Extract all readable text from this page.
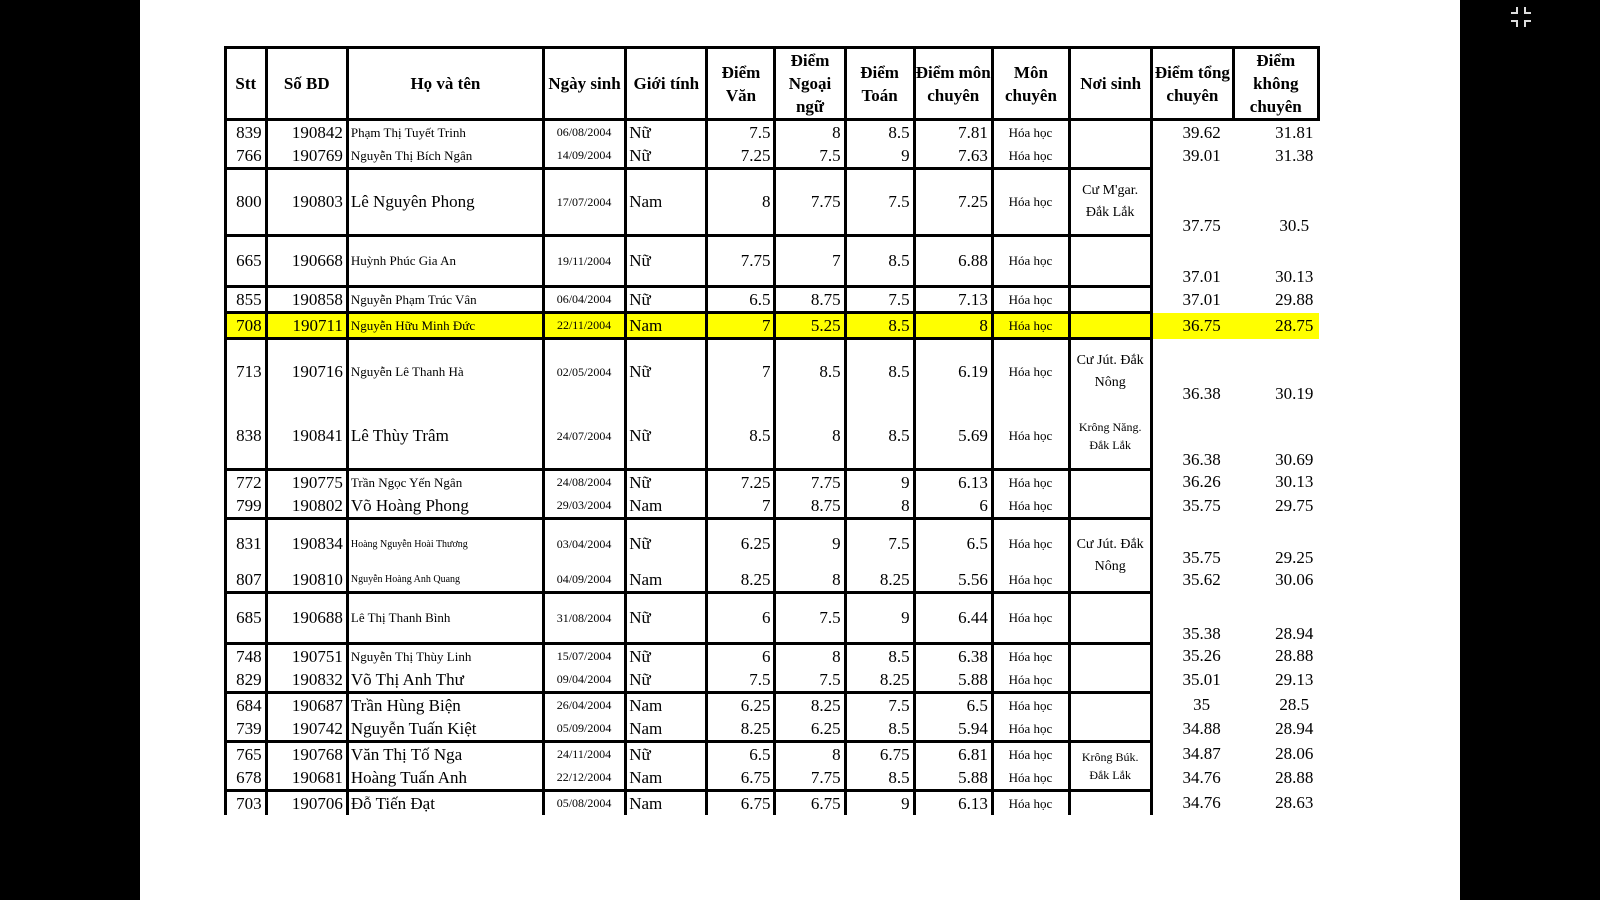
Stt	Số BD	Họ và tên	Ngày sinh	Giới tính	Điểm Văn	Điểm Ngoại ngữ	Điểm Toán	Điểm môn chuyên	Môn chuyên	Nơi sinh	Điểm tổng chuyên	Điểm không chuyên
839	190842	Phạm Thị Tuyết Trinh	06/08/2004	Nữ	7.5	8	8.5	7.81	Hóa học		39.62	31.81
766	190769	Nguyễn Thị Bích Ngân	14/09/2004	Nữ	7.25	7.5	9	7.63	Hóa học		39.01	31.38
800	190803	Lê Nguyên Phong	17/07/2004	Nam	8	7.75	7.5	7.25	Hóa học	Cư M'gar. Đắk Lắk	37.75	30.5
665	190668	Huỳnh Phúc Gia An	19/11/2004	Nữ	7.75	7	8.5	6.88	Hóa học		37.01	30.13
855	190858	Nguyễn Phạm Trúc Vân	06/04/2004	Nữ	6.5	8.75	7.5	7.13	Hóa học		37.01	29.88
708	190711	Nguyễn Hữu Minh Đức	22/11/2004	Nam	7	5.25	8.5	8	Hóa học		36.75	28.75
713	190716	Nguyễn Lê Thanh Hà	02/05/2004	Nữ	7	8.5	8.5	6.19	Hóa học	Cư Jút. Đắk Nông	36.38	30.19
838	190841	Lê Thùy Trâm	24/07/2004	Nữ	8.5	8	8.5	5.69	Hóa học	Krông Năng. Đắk Lắk	36.38	30.69
772	190775	Trần Ngọc Yến Ngân	24/08/2004	Nữ	7.25	7.75	9	6.13	Hóa học		36.26	30.13
799	190802	Võ Hoàng Phong	29/03/2004	Nam	7	8.75	8	6	Hóa học		35.75	29.75
831	190834	Hoàng Nguyễn Hoài Thương	03/04/2004	Nữ	6.25	9	7.5	6.5	Hóa học	Cư Jút. Đắk Nông	35.75	29.25
807	190810	Nguyễn Hoàng Anh Quang	04/09/2004	Nam	8.25	8	8.25	5.56	Hóa học		35.62	30.06
685	190688	Lê Thị Thanh Bình	31/08/2004	Nữ	6	7.5	9	6.44	Hóa học		35.38	28.94
748	190751	Nguyễn Thị Thùy Linh	15/07/2004	Nữ	6	8	8.5	6.38	Hóa học		35.26	28.88
829	190832	Võ Thị Anh Thư	09/04/2004	Nữ	7.5	7.5	8.25	5.88	Hóa học		35.01	29.13
684	190687	Trần Hùng Biện	26/04/2004	Nam	6.25	8.25	7.5	6.5	Hóa học		35	28.5
739	190742	Nguyễn Tuấn Kiệt	05/09/2004	Nam	8.25	6.25	8.5	5.94	Hóa học		34.88	28.94
765	190768	Văn Thị Tố Nga	24/11/2004	Nữ	6.5	8	6.75	6.81	Hóa học	Krông Búk. Đắk Lắk	34.87	28.06
678	190681	Hoàng Tuấn Anh	22/12/2004	Nam	6.75	7.75	8.5	5.88	Hóa học		34.76	28.88
703	190706	Đỗ Tiến Đạt	05/08/2004	Nam	6.75	6.75	9	6.13	Hóa học		34.76	28.63
